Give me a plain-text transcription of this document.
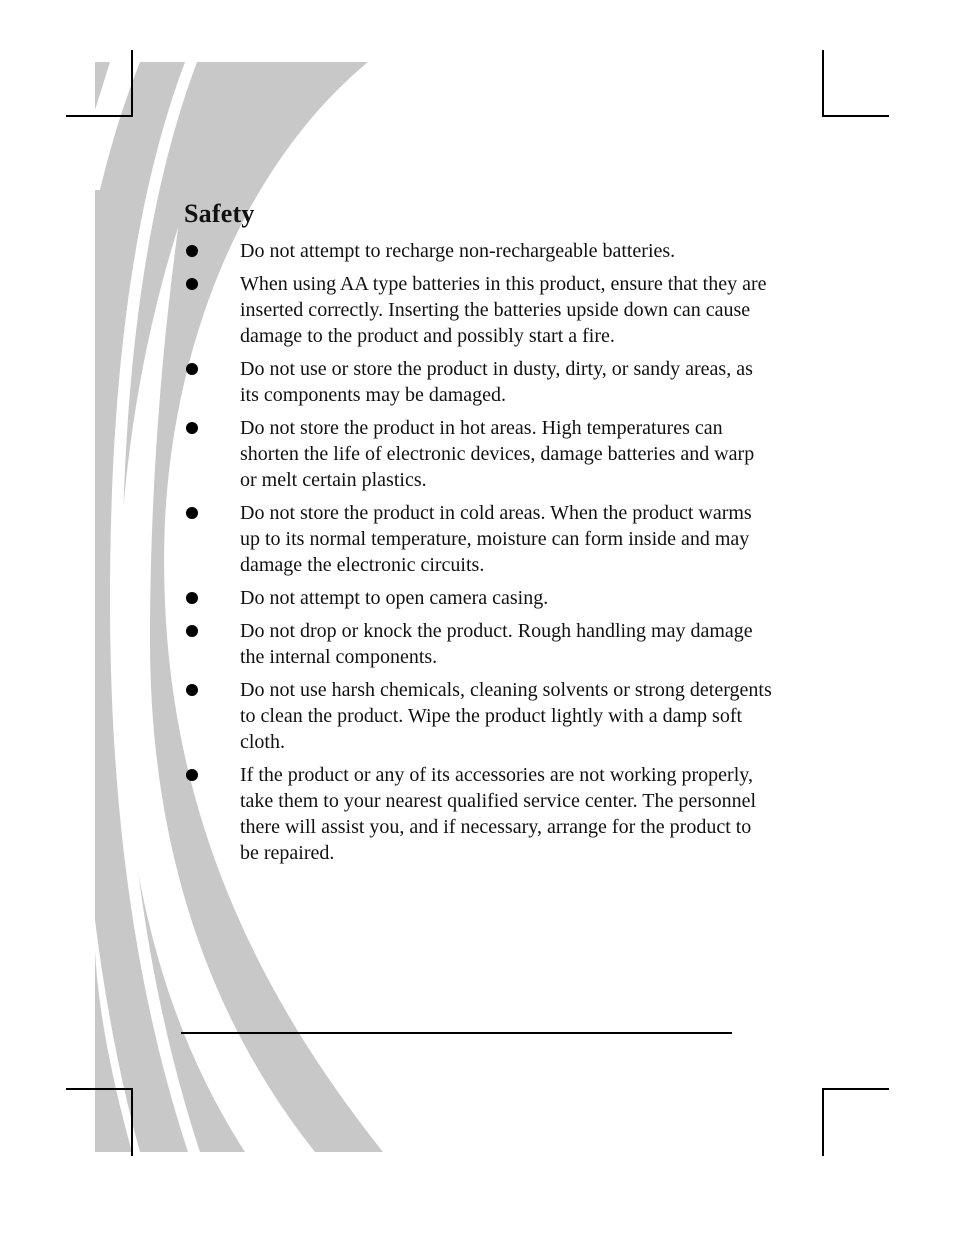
Safety
Do not attempt to recharge non-rechargeable batteries.
When using AA type batteries in this product, ensure that they are inserted correctly. Inserting the batteries upside down can cause damage to the product and possibly start a fire.
Do not use or store the product in dusty, dirty, or sandy areas, as its components may be damaged.
Do not store the product in hot areas. High temperatures can shorten the life of electronic devices, damage batteries and warp or melt certain plastics.
Do not store the product in cold areas. When the product warms up to its normal temperature, moisture can form inside and may damage the electronic circuits.
Do not attempt to open camera casing.
Do not drop or knock the product. Rough handling may damage the internal components.
Do not use harsh chemicals, cleaning solvents or strong detergents to clean the product. Wipe the product lightly with a damp soft cloth.
If the product or any of its accessories are not working properly, take them to your nearest qualified service center. The personnel there will assist you, and if necessary, arrange for the product to be repaired.
